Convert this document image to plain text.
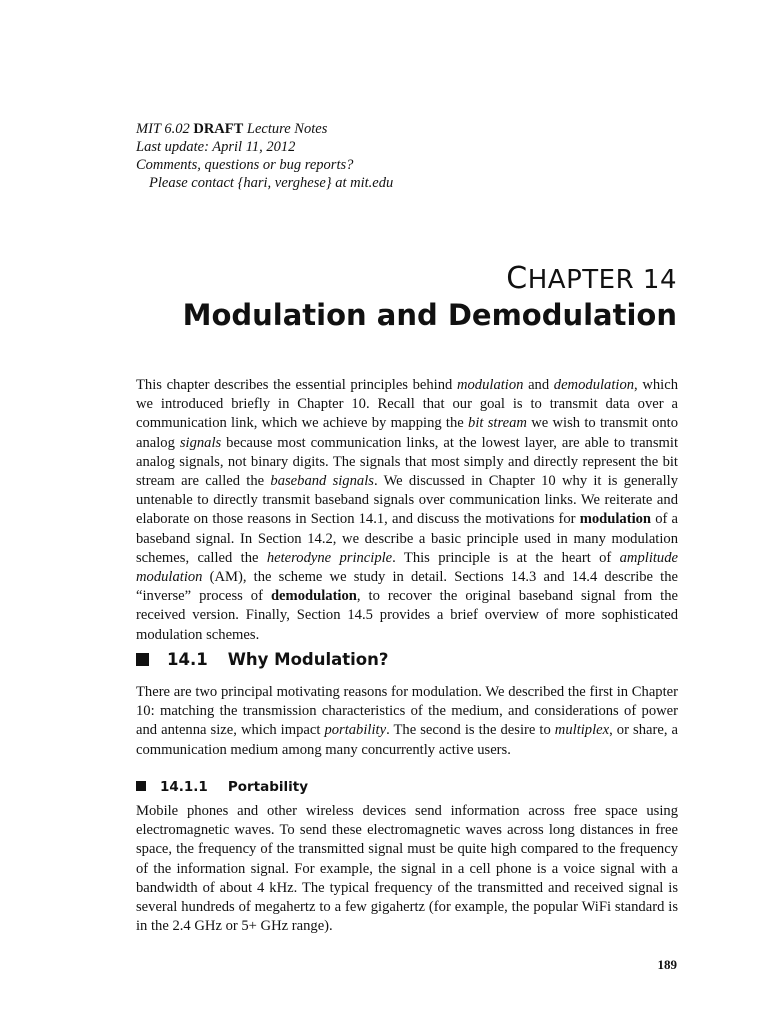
MIT 6.02 DRAFT Lecture Notes
Last update: April 11, 2012
Comments, questions or bug reports?
Please contact {hari, verghese} at mit.edu
CHAPTER 14
Modulation and Demodulation
This chapter describes the essential principles behind modulation and demodulation, which we introduced briefly in Chapter 10. Recall that our goal is to transmit data over a communication link, which we achieve by mapping the bit stream we wish to transmit onto analog signals because most communication links, at the lowest layer, are able to transmit analog signals, not binary digits. The signals that most simply and directly represent the bit stream are called the baseband signals. We discussed in Chapter 10 why it is generally untenable to directly transmit baseband signals over communication links. We reiterate and elaborate on those reasons in Section 14.1, and discuss the motivations for modulation of a baseband signal. In Section 14.2, we describe a basic principle used in many modulation schemes, called the heterodyne principle. This principle is at the heart of amplitude modulation (AM), the scheme we study in detail. Sections 14.3 and 14.4 describe the “inverse” process of demodulation, to recover the original baseband signal from the received version. Finally, Section 14.5 provides a brief overview of more sophisticated modulation schemes.
14.1 Why Modulation?
There are two principal motivating reasons for modulation. We described the first in Chapter 10: matching the transmission characteristics of the medium, and considerations of power and antenna size, which impact portability. The second is the desire to multiplex, or share, a communication medium among many concurrently active users.
14.1.1 Portability
Mobile phones and other wireless devices send information across free space using electromagnetic waves. To send these electromagnetic waves across long distances in free space, the frequency of the transmitted signal must be quite high compared to the frequency of the information signal. For example, the signal in a cell phone is a voice signal with a bandwidth of about 4 kHz. The typical frequency of the transmitted and received signal is several hundreds of megahertz to a few gigahertz (for example, the popular WiFi standard is in the 2.4 GHz or 5+ GHz range).
189
